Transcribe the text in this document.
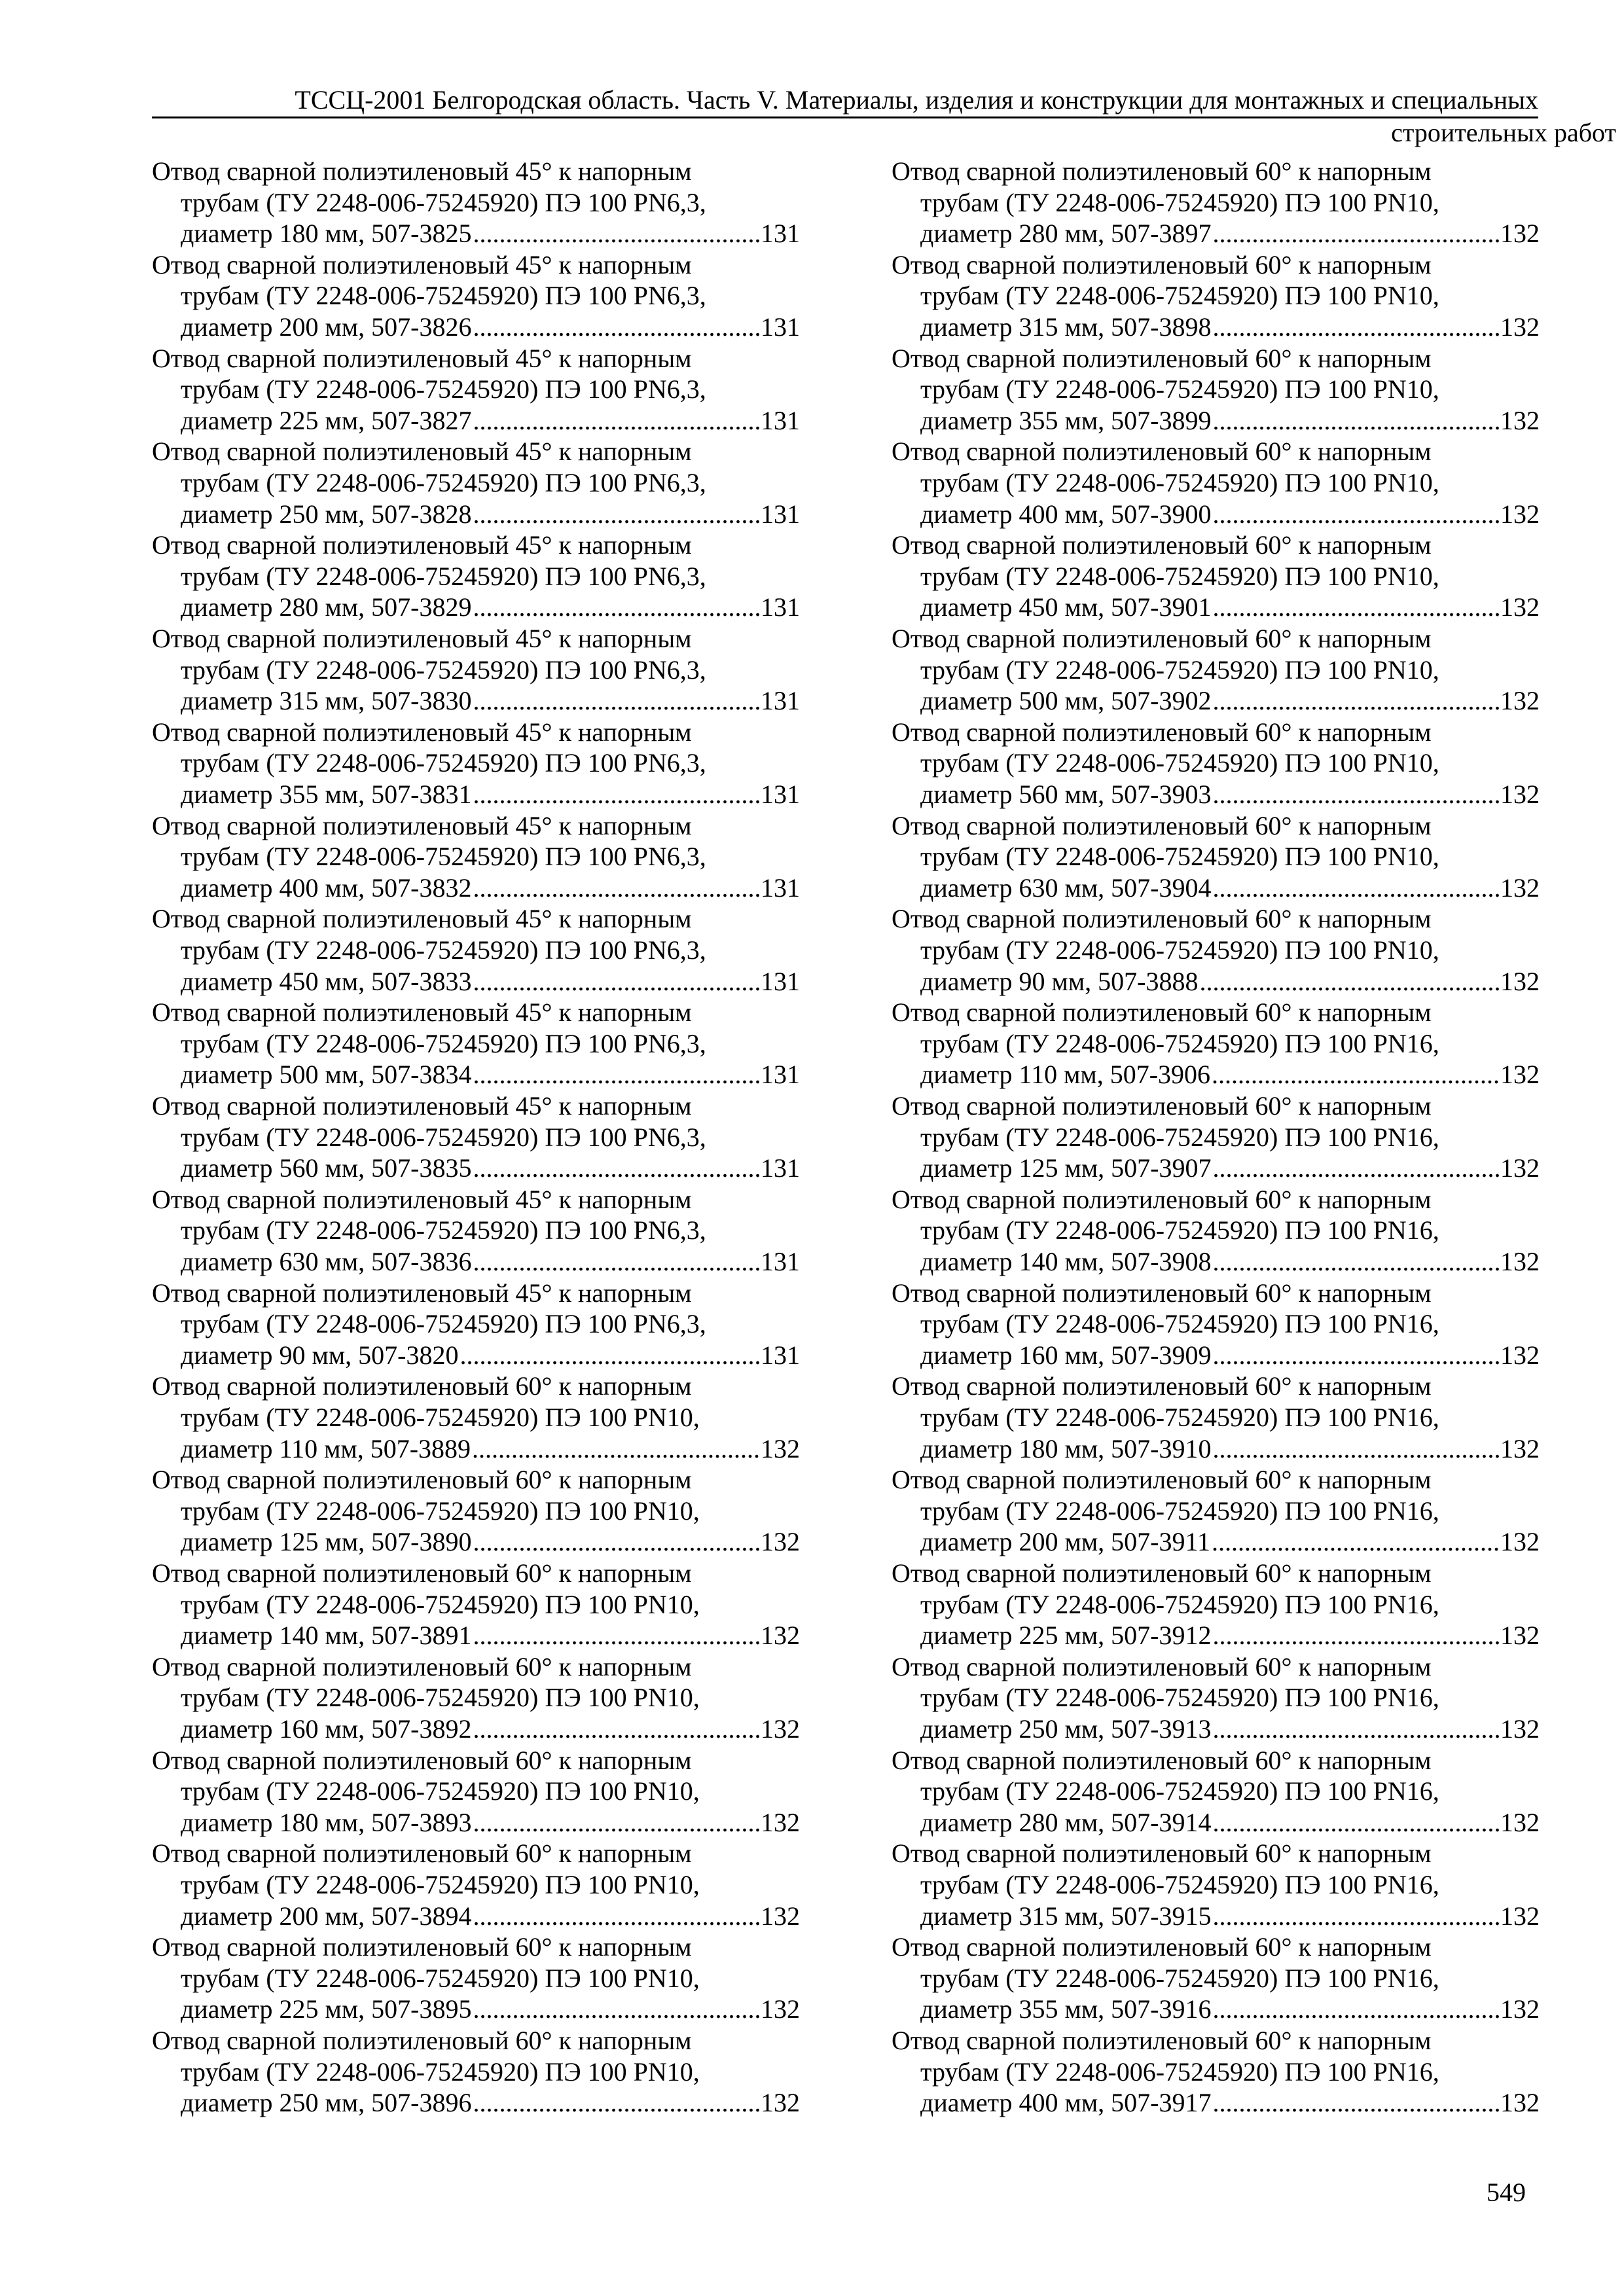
ТССЦ-2001 Белгородская область. Часть V. Материалы, изделия и конструкции для монтажных и специальных
строительных работ
Отвод сварной полиэтиленовый 45° к напорным
трубам (ТУ 2248-006-75245920) ПЭ 100 PN6,3,
диаметр 180 мм, 507-3825 .....	131
Отвод сварной полиэтиленовый 45° к напорным
трубам (ТУ 2248-006-75245920) ПЭ 100 PN6,3,
диаметр 200 мм, 507-3826 .....	131
Отвод сварной полиэтиленовый 45° к напорным
трубам (ТУ 2248-006-75245920) ПЭ 100 PN6,3,
диаметр 225 мм, 507-3827 .....	131
Отвод сварной полиэтиленовый 45° к напорным
трубам (ТУ 2248-006-75245920) ПЭ 100 PN6,3,
диаметр 250 мм, 507-3828 .....	131
Отвод сварной полиэтиленовый 45° к напорным
трубам (ТУ 2248-006-75245920) ПЭ 100 PN6,3,
диаметр 280 мм, 507-3829 .....	131
Отвод сварной полиэтиленовый 45° к напорным
трубам (ТУ 2248-006-75245920) ПЭ 100 PN6,3,
диаметр 315 мм, 507-3830 .....	131
Отвод сварной полиэтиленовый 45° к напорным
трубам (ТУ 2248-006-75245920) ПЭ 100 PN6,3,
диаметр 355 мм, 507-3831 .....	131
Отвод сварной полиэтиленовый 45° к напорным
трубам (ТУ 2248-006-75245920) ПЭ 100 PN6,3,
диаметр 400 мм, 507-3832 .....	131
Отвод сварной полиэтиленовый 45° к напорным
трубам (ТУ 2248-006-75245920) ПЭ 100 PN6,3,
диаметр 450 мм, 507-3833 .....	131
Отвод сварной полиэтиленовый 45° к напорным
трубам (ТУ 2248-006-75245920) ПЭ 100 PN6,3,
диаметр 500 мм, 507-3834 .....	131
Отвод сварной полиэтиленовый 45° к напорным
трубам (ТУ 2248-006-75245920) ПЭ 100 PN6,3,
диаметр 560 мм, 507-3835 .....	131
Отвод сварной полиэтиленовый 45° к напорным
трубам (ТУ 2248-006-75245920) ПЭ 100 PN6,3,
диаметр 630 мм, 507-3836 .....	131
Отвод сварной полиэтиленовый 45° к напорным
трубам (ТУ 2248-006-75245920) ПЭ 100 PN6,3,
диаметр 90 мм, 507-3820 .....	131
Отвод сварной полиэтиленовый 60° к напорным
трубам (ТУ 2248-006-75245920) ПЭ 100 PN10,
диаметр 110 мм, 507-3889 .....	132
Отвод сварной полиэтиленовый 60° к напорным
трубам (ТУ 2248-006-75245920) ПЭ 100 PN10,
диаметр 125 мм, 507-3890 .....	132
Отвод сварной полиэтиленовый 60° к напорным
трубам (ТУ 2248-006-75245920) ПЭ 100 PN10,
диаметр 140 мм, 507-3891 .....	132
Отвод сварной полиэтиленовый 60° к напорным
трубам (ТУ 2248-006-75245920) ПЭ 100 PN10,
диаметр 160 мм, 507-3892 .....	132
Отвод сварной полиэтиленовый 60° к напорным
трубам (ТУ 2248-006-75245920) ПЭ 100 PN10,
диаметр 180 мм, 507-3893 .....	132
Отвод сварной полиэтиленовый 60° к напорным
трубам (ТУ 2248-006-75245920) ПЭ 100 PN10,
диаметр 200 мм, 507-3894 .....	132
Отвод сварной полиэтиленовый 60° к напорным
трубам (ТУ 2248-006-75245920) ПЭ 100 PN10,
диаметр 225 мм, 507-3895 .....	132
Отвод сварной полиэтиленовый 60° к напорным
трубам (ТУ 2248-006-75245920) ПЭ 100 PN10,
диаметр 250 мм, 507-3896 .....	132
Отвод сварной полиэтиленовый 60° к напорным
трубам (ТУ 2248-006-75245920) ПЭ 100 PN10,
диаметр 280 мм, 507-3897 .....	132
Отвод сварной полиэтиленовый 60° к напорным
трубам (ТУ 2248-006-75245920) ПЭ 100 PN10,
диаметр 315 мм, 507-3898 .....	132
Отвод сварной полиэтиленовый 60° к напорным
трубам (ТУ 2248-006-75245920) ПЭ 100 PN10,
диаметр 355 мм, 507-3899 .....	132
Отвод сварной полиэтиленовый 60° к напорным
трубам (ТУ 2248-006-75245920) ПЭ 100 PN10,
диаметр 400 мм, 507-3900 .....	132
Отвод сварной полиэтиленовый 60° к напорным
трубам (ТУ 2248-006-75245920) ПЭ 100 PN10,
диаметр 450 мм, 507-3901 .....	132
Отвод сварной полиэтиленовый 60° к напорным
трубам (ТУ 2248-006-75245920) ПЭ 100 PN10,
диаметр 500 мм, 507-3902 .....	132
Отвод сварной полиэтиленовый 60° к напорным
трубам (ТУ 2248-006-75245920) ПЭ 100 PN10,
диаметр 560 мм, 507-3903 .....	132
Отвод сварной полиэтиленовый 60° к напорным
трубам (ТУ 2248-006-75245920) ПЭ 100 PN10,
диаметр 630 мм, 507-3904 .....	132
Отвод сварной полиэтиленовый 60° к напорным
трубам (ТУ 2248-006-75245920) ПЭ 100 PN10,
диаметр 90 мм, 507-3888 .....	132
Отвод сварной полиэтиленовый 60° к напорным
трубам (ТУ 2248-006-75245920) ПЭ 100 PN16,
диаметр 110 мм, 507-3906 .....	132
Отвод сварной полиэтиленовый 60° к напорным
трубам (ТУ 2248-006-75245920) ПЭ 100 PN16,
диаметр 125 мм, 507-3907 .....	132
Отвод сварной полиэтиленовый 60° к напорным
трубам (ТУ 2248-006-75245920) ПЭ 100 PN16,
диаметр 140 мм, 507-3908 .....	132
Отвод сварной полиэтиленовый 60° к напорным
трубам (ТУ 2248-006-75245920) ПЭ 100 PN16,
диаметр 160 мм, 507-3909 .....	132
Отвод сварной полиэтиленовый 60° к напорным
трубам (ТУ 2248-006-75245920) ПЭ 100 PN16,
диаметр 180 мм, 507-3910 .....	132
Отвод сварной полиэтиленовый 60° к напорным
трубам (ТУ 2248-006-75245920) ПЭ 100 PN16,
диаметр 200 мм, 507-3911 .....	132
Отвод сварной полиэтиленовый 60° к напорным
трубам (ТУ 2248-006-75245920) ПЭ 100 PN16,
диаметр 225 мм, 507-3912 .....	132
Отвод сварной полиэтиленовый 60° к напорным
трубам (ТУ 2248-006-75245920) ПЭ 100 PN16,
диаметр 250 мм, 507-3913 .....	132
Отвод сварной полиэтиленовый 60° к напорным
трубам (ТУ 2248-006-75245920) ПЭ 100 PN16,
диаметр 280 мм, 507-3914 .....	132
Отвод сварной полиэтиленовый 60° к напорным
трубам (ТУ 2248-006-75245920) ПЭ 100 PN16,
диаметр 315 мм, 507-3915 .....	132
Отвод сварной полиэтиленовый 60° к напорным
трубам (ТУ 2248-006-75245920) ПЭ 100 PN16,
диаметр 355 мм, 507-3916 .....	132
Отвод сварной полиэтиленовый 60° к напорным
трубам (ТУ 2248-006-75245920) ПЭ 100 PN16,
диаметр 400 мм, 507-3917 .....	132
549
